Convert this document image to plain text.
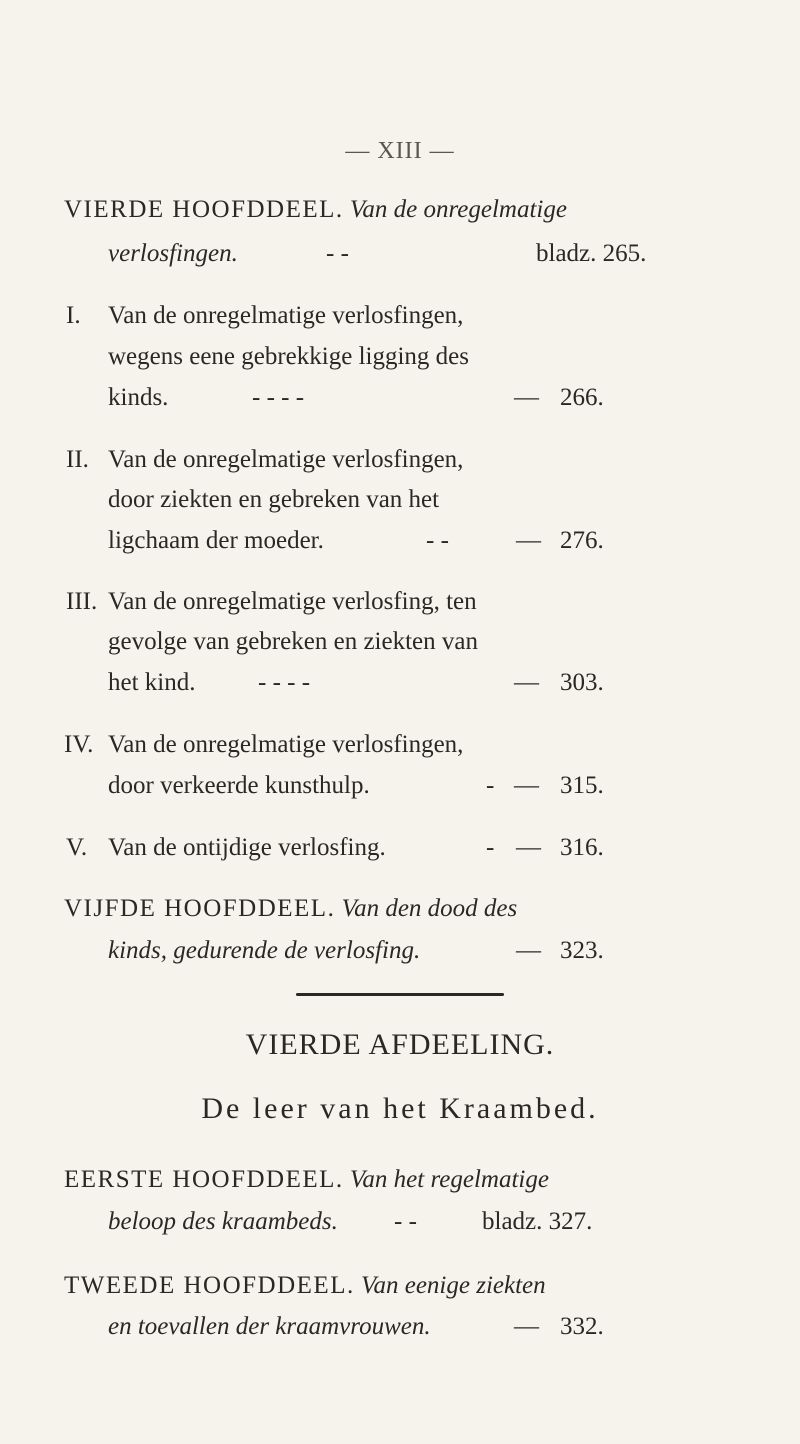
— XIII —
VIERDE HOOFDDEEL. Van de onregelmatige
verlosfingen.	- -	bladz. 265.
I. Van de onregelmatige verlosfingen,
wegens eene gebrekkige ligging des
kinds.	- - - -	— 266.
II. Van de onregelmatige verlosfingen,
door ziekten en gebreken van het
ligchaam der moeder.	- -	— 276.
III. Van de onregelmatige verlosfing, ten
gevolge van gebreken en ziekten van
het kind.	- - - -	— 303.
IV. Van de onregelmatige verlosfingen,
door verkeerde kunsthulp.	- — 315.
V. Van de ontijdige verlosfing.	- — 316.
VIJFDE HOOFDDEEL. Van den dood des
kinds, gedurende de verlosfing.	— 323.
VIERDE AFDEELING.
De leer van het Kraambed.
EERSTE HOOFDDEEL. Van het regelmatige
beloop des kraambeds. - -	bladz. 327.
TWEEDE HOOFDDEEL. Van eenige ziekten
en toevallen der kraamvrouwen.	— 332.
